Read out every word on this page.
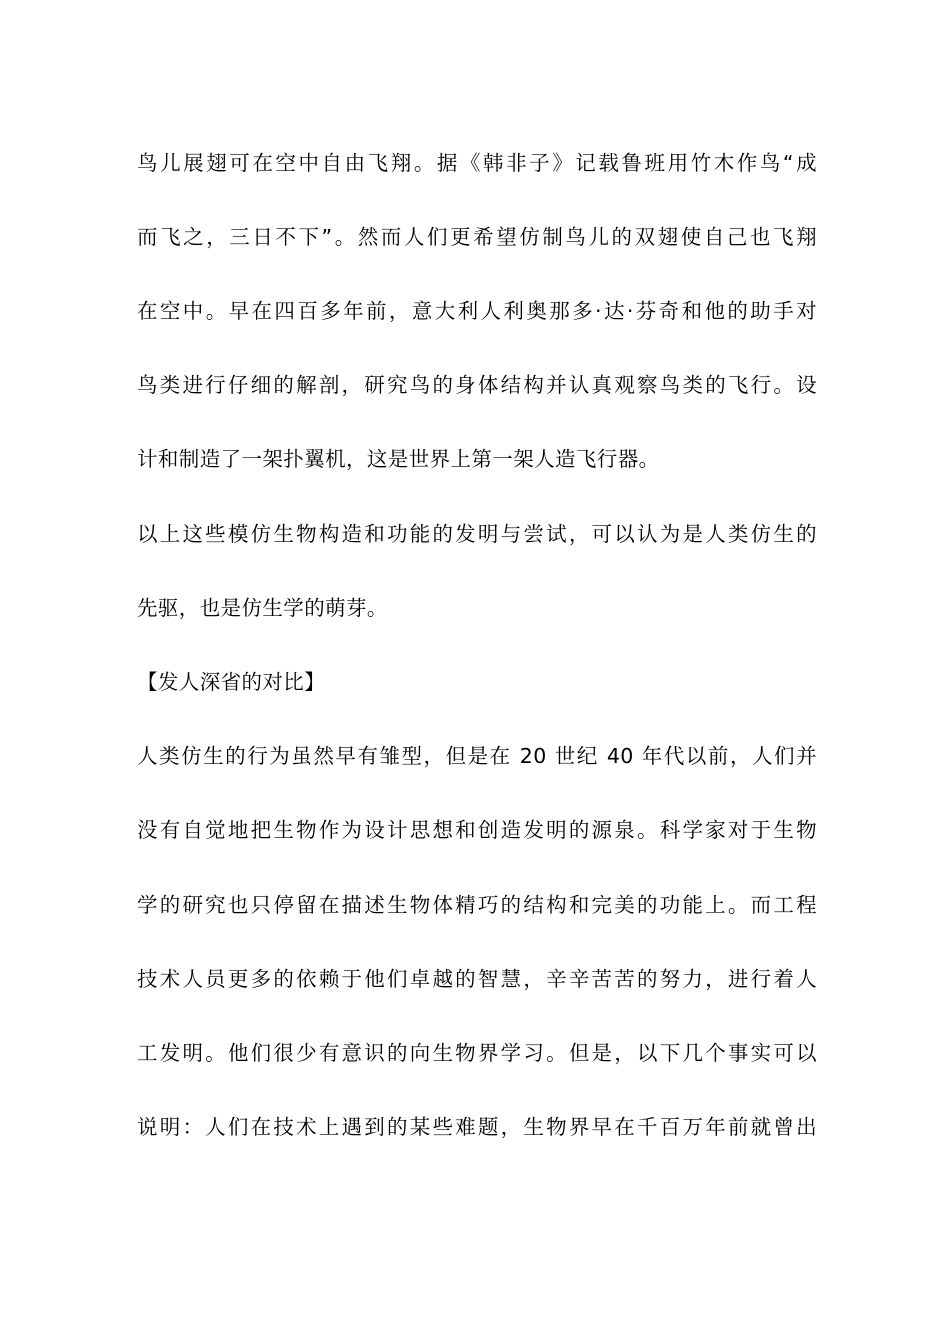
鸟儿展翅可在空中自由飞翔。据《韩非子》记载鲁班用竹木作鸟“成
而飞之，三日不下”。然而人们更希望仿制鸟儿的双翅使自己也飞翔
在空中。早在四百多年前，意大利人利奥那多·达·芬奇和他的助手对
鸟类进行仔细的解剖，研究鸟的身体结构并认真观察鸟类的飞行。设
计和制造了一架扑翼机，这是世界上第一架人造飞行器。
以上这些模仿生物构造和功能的发明与尝试，可以认为是人类仿生的
先驱，也是仿生学的萌芽。
【发人深省的对比】
人类仿生的行为虽然早有雏型，但是在 20 世纪 40 年代以前，人们并
没有自觉地把生物作为设计思想和创造发明的源泉。科学家对于生物
学的研究也只停留在描述生物体精巧的结构和完美的功能上。而工程
技术人员更多的依赖于他们卓越的智慧，辛辛苦苦的努力，进行着人
工发明。他们很少有意识的向生物界学习。但是，以下几个事实可以
说明：人们在技术上遇到的某些难题，生物界早在千百万年前就曾出
